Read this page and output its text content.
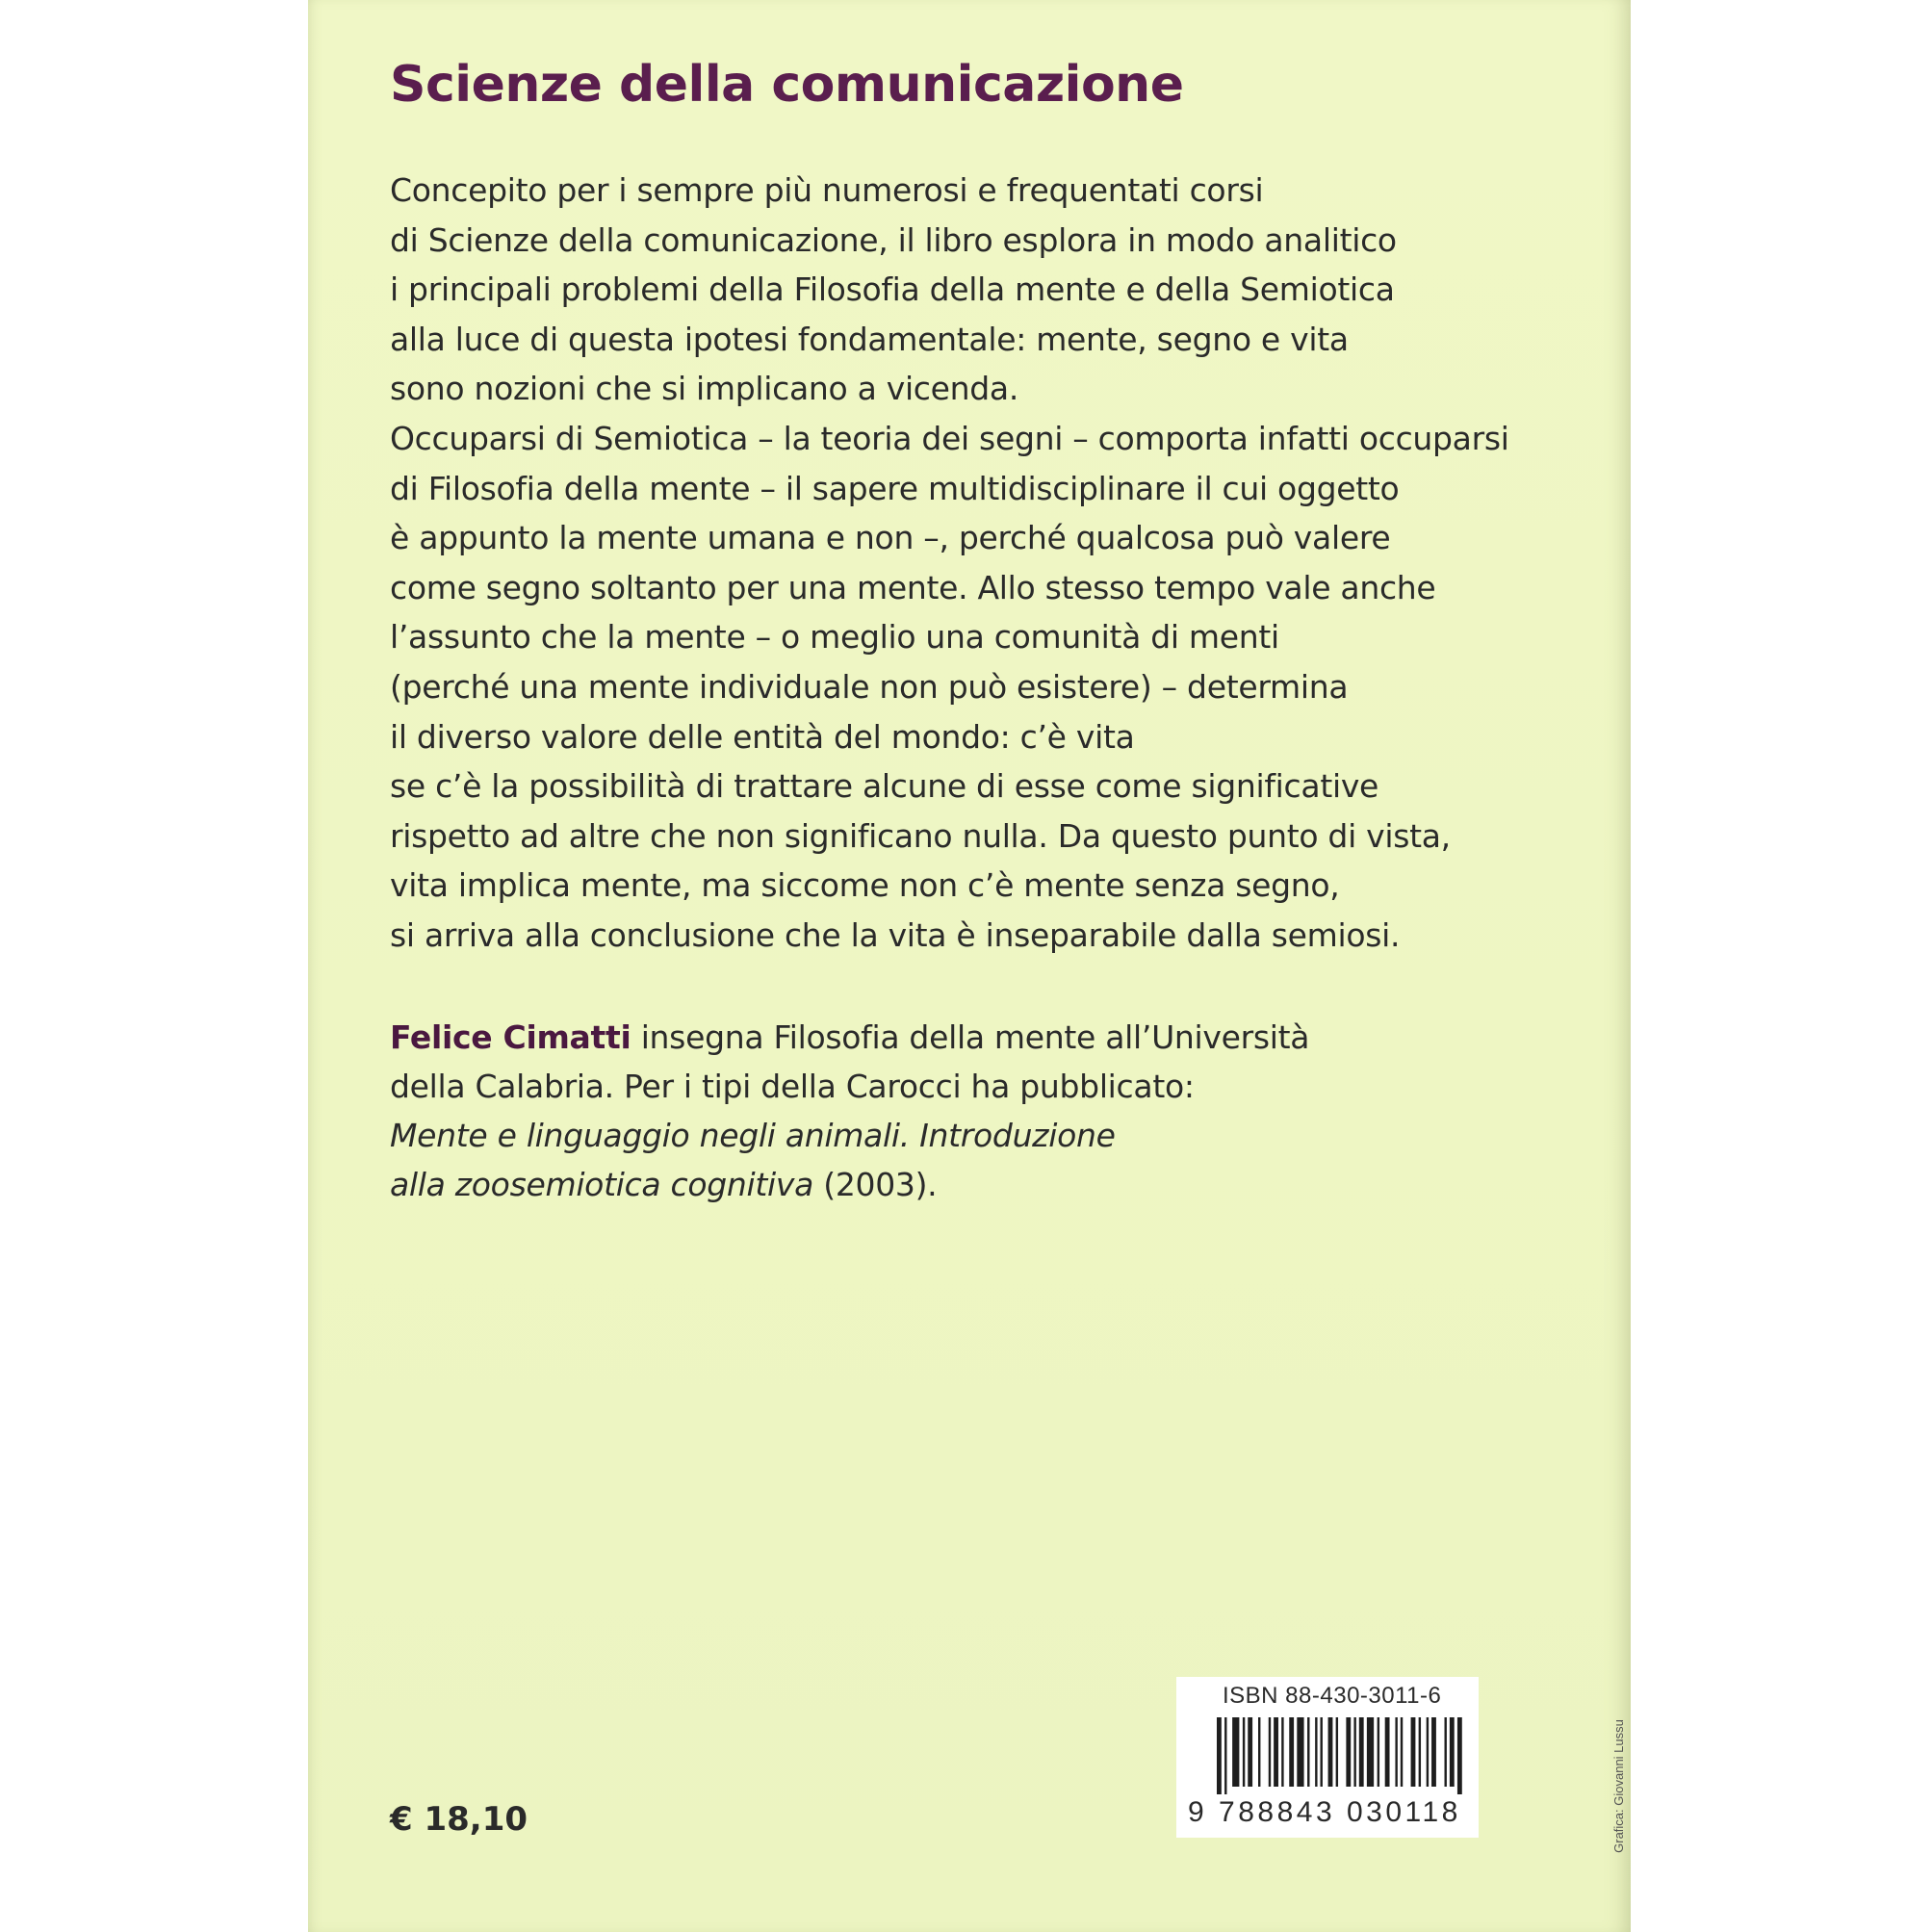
Scienze della comunicazione
Concepito per i sempre più numerosi e frequentati corsi
di Scienze della comunicazione, il libro esplora in modo analitico
i principali problemi della Filosofia della mente e della Semiotica
alla luce di questa ipotesi fondamentale: mente, segno e vita
sono nozioni che si implicano a vicenda.
Occuparsi di Semiotica – la teoria dei segni – comporta infatti occuparsi
di Filosofia della mente – il sapere multidisciplinare il cui oggetto
è appunto la mente umana e non –, perché qualcosa può valere
come segno soltanto per una mente. Allo stesso tempo vale anche
l’assunto che la mente – o meglio una comunità di menti
(perché una mente individuale non può esistere) – determina
il diverso valore delle entità del mondo: c’è vita
se c’è la possibilità di trattare alcune di esse come significative
rispetto ad altre che non significano nulla. Da questo punto di vista,
vita implica mente, ma siccome non c’è mente senza segno,
si arriva alla conclusione che la vita è inseparabile dalla semiosi.
Felice Cimatti insegna Filosofia della mente all’Università
della Calabria. Per i tipi della Carocci ha pubblicato:
Mente e linguaggio negli animali. Introduzione
alla zoosemiotica cognitiva (2003).

€ 18,10

ISBN 88-430-3011-6

9 788843 030118	Grafica: Giovanni Lussu
